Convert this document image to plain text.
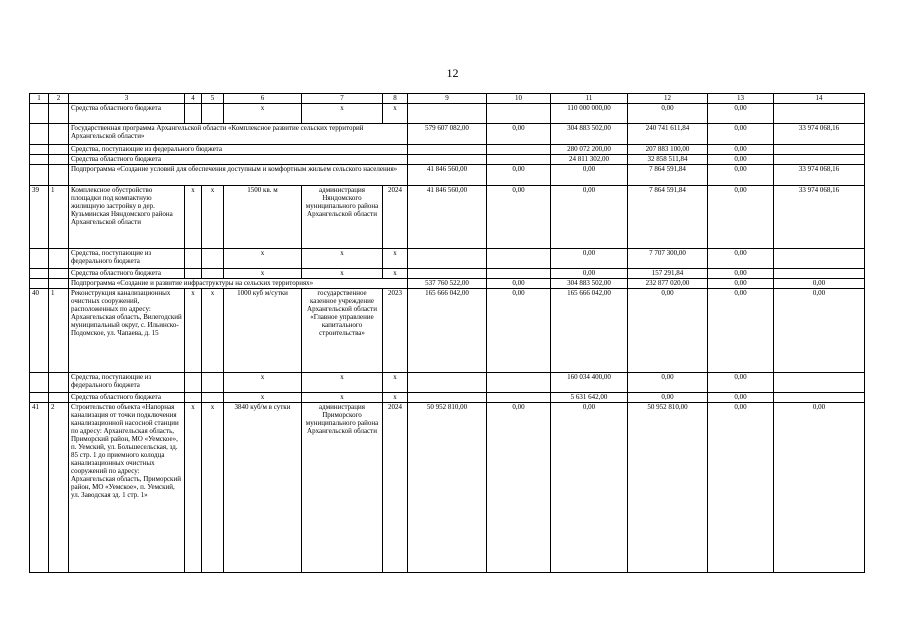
12
1	2	3	4	5	6	7	8	9	10	11	12	13	14
		Средства областного бюджета			х	х	х			110 000 000,00	0,00	0,00	
		Государственная программа Архангельской области «Комплексное развитие сельских территорий Архангельской области»						579 607 082,00	0,00	304 883 502,00	240 741 611,84	0,00	33 974 068,16
		Средства, поступающие из федерального бюджета								280 072 200,00	207 883 100,00	0,00	
		Средства областного бюджета								24 811 302,00	32 858 511,84	0,00	
		Подпрограмма «Создание условий для обеспечения доступным и комфортным жильем сельского населения»						41 846 560,00	0,00	0,00	7 864 591,84	0,00	33 974 068,16
39	1	Комплексное обустройство площадки под компактную жилищную застройку в дер. Кузьминская Няндомского района Архангельской области	х	х	1500 кв. м	администрация Няндомского муниципального района Архангельской области	2024	41 846 560,00	0,00	0,00	7 864 591,84	0,00	33 974 068,16
		Средства, поступающие из федерального бюджета			х	х	х			0,00	7 707 300,00	0,00	
		Средства областного бюджета			х	х	х			0,00	157 291,84	0,00	
		Подпрограмма «Создание и развитие инфраструктуры на сельских территориях»						537 760 522,00	0,00	304 883 502,00	232 877 020,00	0,00	0,00
40	1	Реконструкция канализационных очистных сооружений, расположенных по адресу: Архангельская область, Вилегодский муниципальный округ, с. Ильинско-Подомское, ул. Чапаева, д. 15	х	х	1000 куб м/сутки	государственное казенное учреждение Архангельской области «Главное управление капитального строительства»	2023	165 666 042,00	0,00	165 666 042,00	0,00	0,00	0,00
		Средства, поступающие из федерального бюджета			х	х	х			160 034 400,00	0,00	0,00	
		Средства областного бюджета			х	х	х			5 631 642,00	0,00	0,00	
41	2	Строительство объекта «Напорная канализация от точки подключения канализационной насосной станции по адресу: Архангельская область, Приморский район, МО «Уемское», п. Уемский, ул. Большесельская, зд. 85 стр. 1 до приемного колодца канализационных очистных сооружений по адресу: Архангельская область, Приморский район, МО «Уемское», п. Уемский, ул. Заводская зд. 1 стр. 1»	х	х	3840 куб/м в сутки	администрация Приморского муниципального района Архангельской области	2024	50 952 810,00	0,00	0,00	50 952 810,00	0,00	0,00
